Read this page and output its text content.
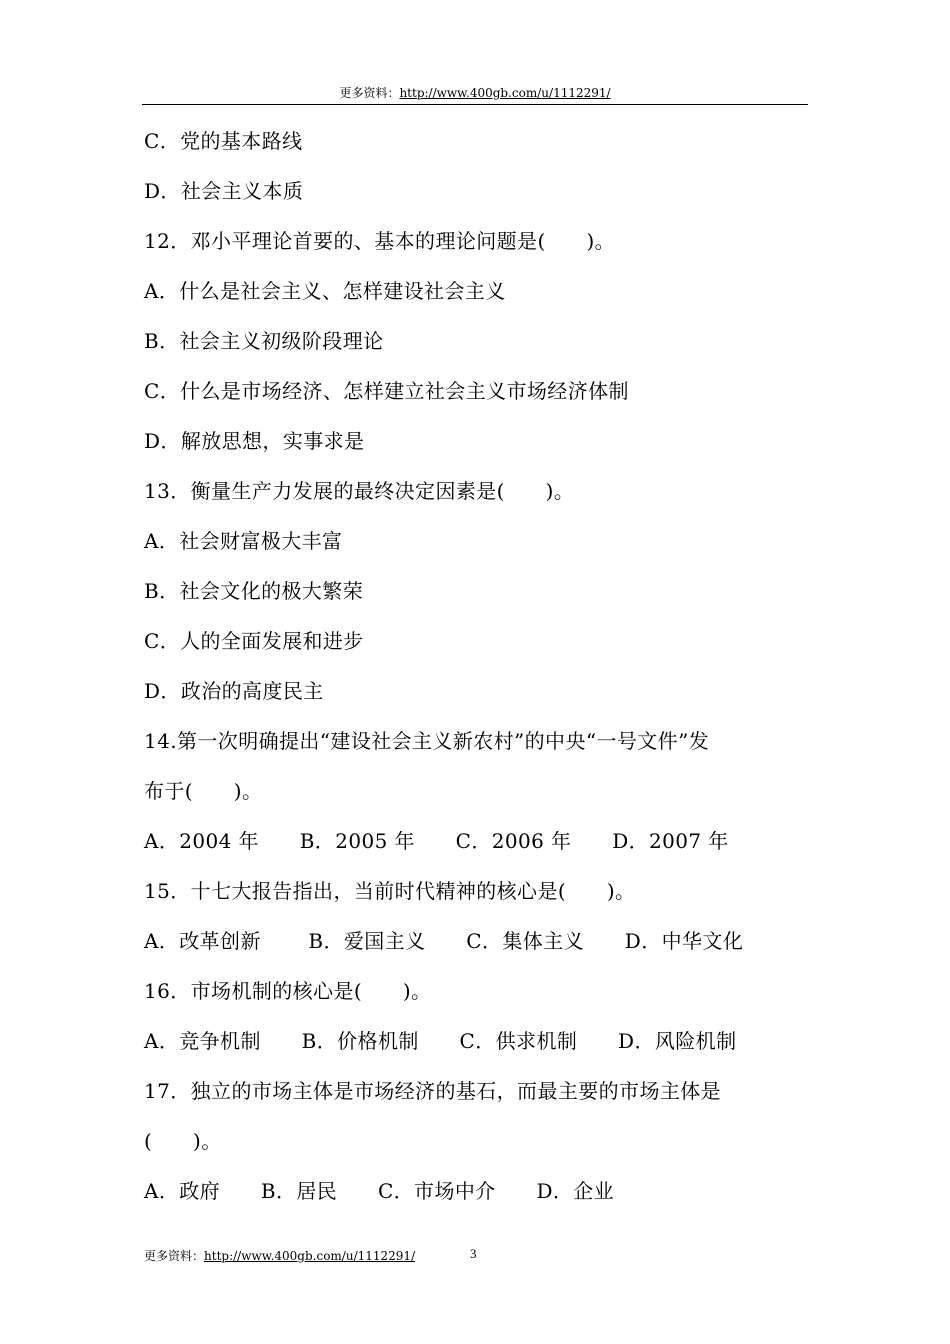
更多资料：http://www.400gb.com/u/1112291/
C．党的基本路线
D．社会主义本质
12．邓小平理论首要的、基本的理论问题是(　　)。
A．什么是社会主义、怎样建设社会主义
B．社会主义初级阶段理论
C．什么是市场经济、怎样建立社会主义市场经济体制
D．解放思想，实事求是
13．衡量生产力发展的最终决定因素是(　　)。
A．社会财富极大丰富
B．社会文化的极大繁荣
C．人的全面发展和进步
D．政治的高度民主
14.第一次明确提出“建设社会主义新农村”的中央“一号文件”发
布于(　　)。
A．2004 年　　B．2005 年　　C．2006 年　　D．2007 年
15．十七大报告指出，当前时代精神的核心是(　　)。
A．改革创新　　 B．爱国主义　　C．集体主义　　D．中华文化
16．市场机制的核心是(　　)。
A．竞争机制　　B．价格机制　　C．供求机制　　D．风险机制
17．独立的市场主体是市场经济的基石，而最主要的市场主体是
(　　)。
A．政府　　B．居民　　C．市场中介　　D．企业
更多资料：http://www.400gb.com/u/1112291/	3
